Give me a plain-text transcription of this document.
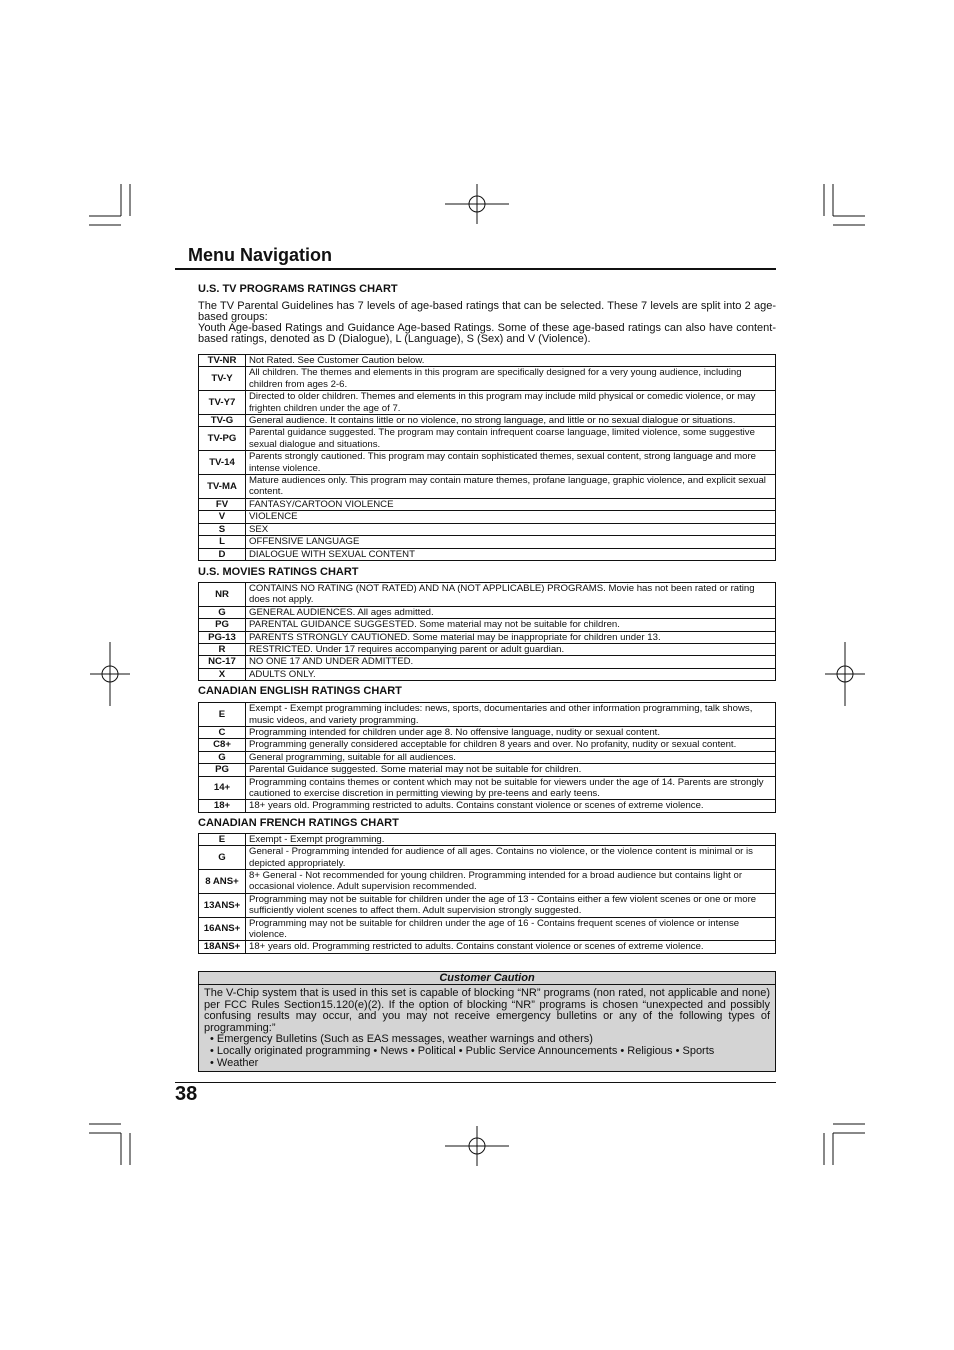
Menu Navigation

U.S. TV PROGRAMS RATINGS CHART

The TV Parental Guidelines has 7 levels of age-based ratings that can be selected. These 7 levels are split into 2 age-based groups:

Youth Age-based Ratings and Guidance Age-based Ratings. Some of these age-based ratings can also have content-based ratings, denoted as D (Dialogue), L (Language), S (Sex) and V (Violence).

TV-NR	Not Rated. See Customer Caution below.
TV-Y	All children. The themes and elements in this program are specifically designed for a very young audience, including children from ages 2-6.
TV-Y7	Directed to older children. Themes and elements in this program may include mild physical or comedic violence, or may frighten children under the age of 7.
TV-G	General audience. It contains little or no violence, no strong language, and little or no sexual dialogue or situations.
TV-PG	Parental guidance suggested. The program may contain infrequent coarse language, limited violence, some suggestive sexual dialogue and situations.
TV-14	Parents strongly cautioned. This program may contain sophisticated themes, sexual content, strong language and more intense violence.
TV-MA	Mature audiences only. This program may contain mature themes, profane language, graphic violence, and explicit sexual content.
FV	FANTASY/CARTOON VIOLENCE
V	VIOLENCE
S	SEX
L	OFFENSIVE LANGUAGE
D	DIALOGUE WITH SEXUAL CONTENT

U.S. MOVIES RATINGS CHART

NR	CONTAINS NO RATING (NOT RATED) AND NA (NOT APPLICABLE) PROGRAMS. Movie has not been rated or rating does not apply.
G	GENERAL AUDIENCES. All ages admitted.
PG	PARENTAL GUIDANCE SUGGESTED. Some material may not be suitable for children.
PG-13	PARENTS STRONGLY CAUTIONED. Some material may be inappropriate for children under 13.
R	RESTRICTED. Under 17 requires accompanying parent or adult guardian.
NC-17	NO ONE 17 AND UNDER ADMITTED.
X	ADULTS ONLY.

CANADIAN ENGLISH RATINGS CHART

E	Exempt - Exempt programming includes: news, sports, documentaries and other information programming, talk shows, music videos, and variety programming.
C	Programming intended for children under age 8. No offensive language, nudity or sexual content.
C8+	Programming generally considered acceptable for children 8 years and over. No profanity, nudity or sexual content.
G	General programming, suitable for all audiences.
PG	Parental Guidance suggested. Some material may not be suitable for children.
14+	Programming contains themes or content which may not be suitable for viewers under the age of 14. Parents are strongly cautioned to exercise discretion in permitting viewing by pre-teens and early teens.
18+	18+ years old. Programming restricted to adults. Contains constant violence or scenes of extreme violence.

CANADIAN FRENCH RATINGS CHART

E	Exempt - Exempt programming.
G	General - Programming intended for audience of all ages. Contains no violence, or the violence content is minimal or is depicted appropriately.
8 ANS+	8+ General - Not recommended for young children. Programming intended for a broad audience but contains light or occasional violence. Adult supervision recommended.
13ANS+	Programming may not be suitable for children under the age of 13 - Contains either a few violent scenes or one or more sufficiently violent scenes to affect them. Adult supervision strongly suggested.
16ANS+	Programming may not be suitable for children under the age of 16 - Contains frequent scenes of violence or intense violence.
18ANS+	18+ years old. Programming restricted to adults. Contains constant violence or scenes of extreme violence.
Customer Caution
The V-Chip system that is used in this set is capable of blocking “NR” programs (non rated, not applicable and none) per FCC Rules Section15.120(e)(2). If the option of blocking “NR” programs is chosen “unexpected and possibly confusing results may occur, and you may not receive emergency bulletins or any of the following types of programming:”
• Emergency Bulletins (Such as EAS messages, weather warnings and others)
• Locally originated programming • News • Political • Public Service Announcements • Religious • Sports
• Weather
38
